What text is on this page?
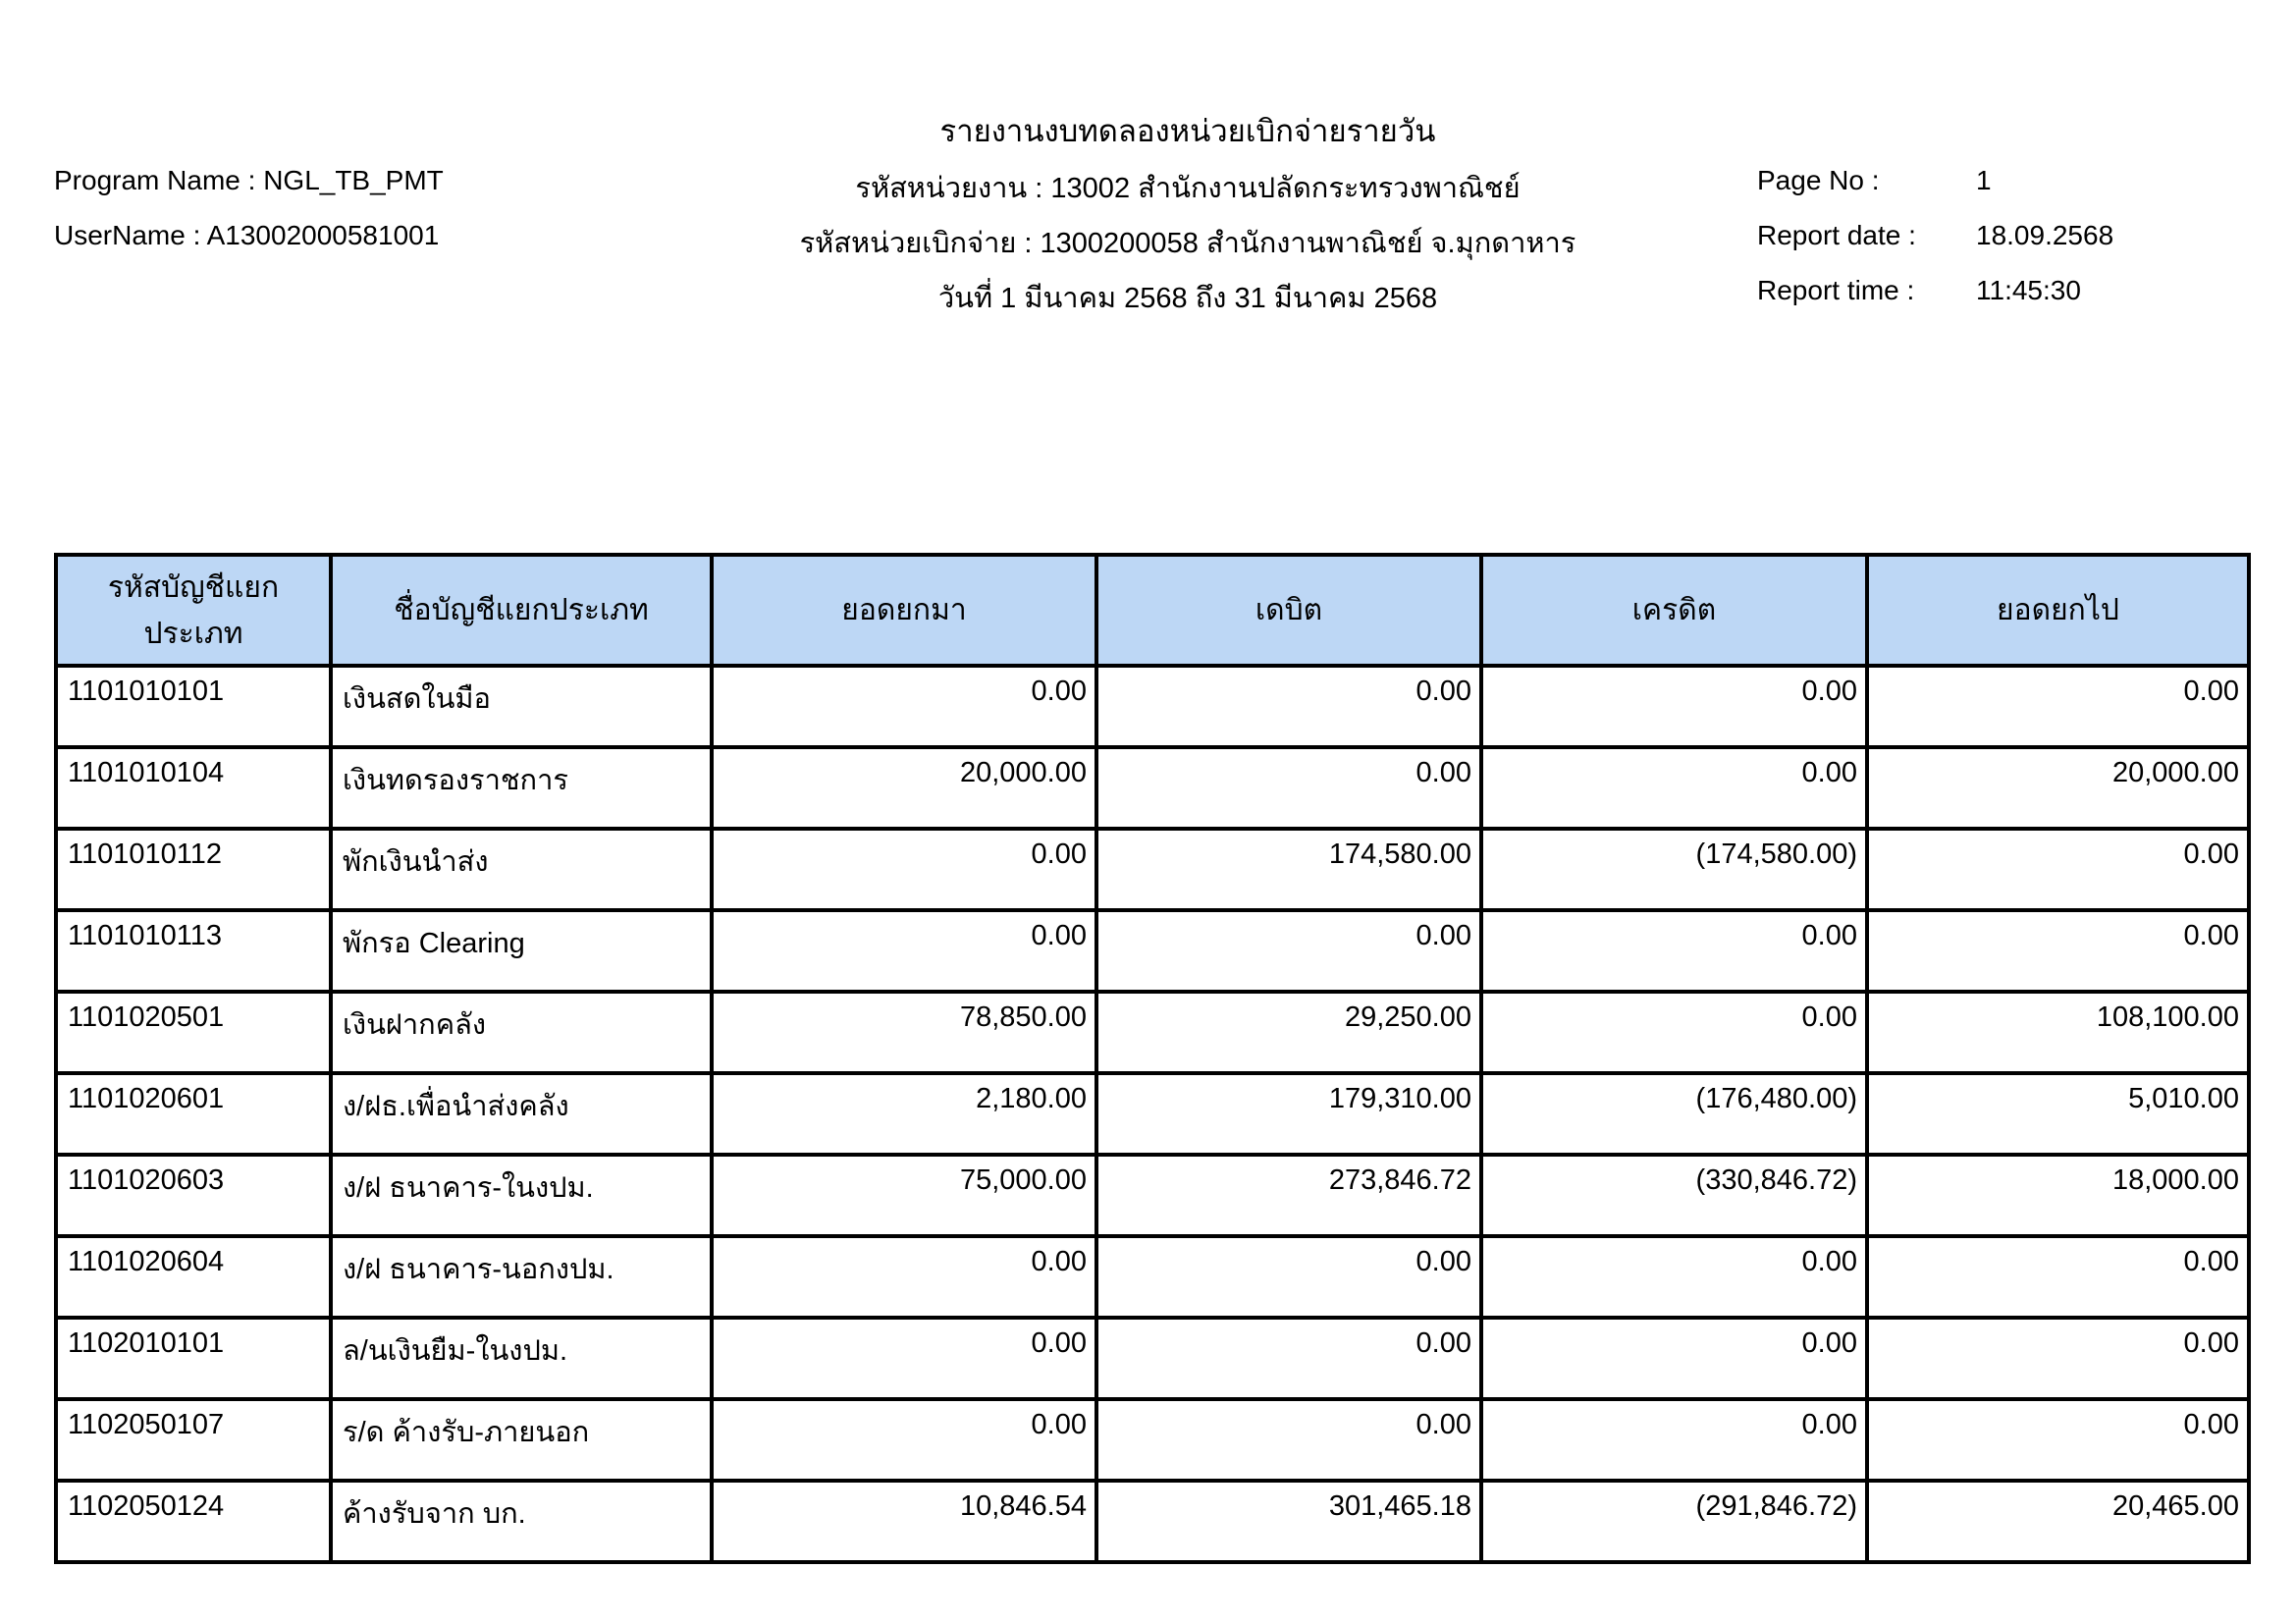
รายงานงบทดลองหน่วยเบิกจ่ายรายวัน
Program Name : NGL_TB_PMT	รหัสหน่วยงาน : 13002 สำนักงานปลัดกระทรวงพาณิชย์	Page No :	1
UserName : A13002000581001	รหัสหน่วยเบิกจ่าย : 1300200058 สำนักงานพาณิชย์ จ.มุกดาหาร	Report date : 18.09.2568
วันที่ 1 มีนาคม 2568 ถึง 31 มีนาคม 2568	Report time : 11:45:30
รหัสบัญชีแยกประเภท	ชื่อบัญชีแยกประเภท	ยอดยกมา	เดบิต	เครดิต	ยอดยกไป
1101010101	เงินสดในมือ	0.00	0.00	0.00	0.00
1101010104	เงินทดรองราชการ	20,000.00	0.00	0.00	20,000.00
1101010112	พักเงินนำส่ง	0.00	174,580.00	(174,580.00)	0.00
1101010113	พักรอ Clearing	0.00	0.00	0.00	0.00
1101020501	เงินฝากคลัง	78,850.00	29,250.00	0.00	108,100.00
1101020601	ง/ฝธ.เพื่อนำส่งคลัง	2,180.00	179,310.00	(176,480.00)	5,010.00
1101020603	ง/ฝ ธนาคาร-ในงปม.	75,000.00	273,846.72	(330,846.72)	18,000.00
1101020604	ง/ฝ ธนาคาร-นอกงปม.	0.00	0.00	0.00	0.00
1102010101	ล/นเงินยืม-ในงปม.	0.00	0.00	0.00	0.00
1102050107	ร/ด ค้างรับ-ภายนอก	0.00	0.00	0.00	0.00
1102050124	ค้างรับจาก บก.	10,846.54	301,465.18	(291,846.72)	20,465.00
